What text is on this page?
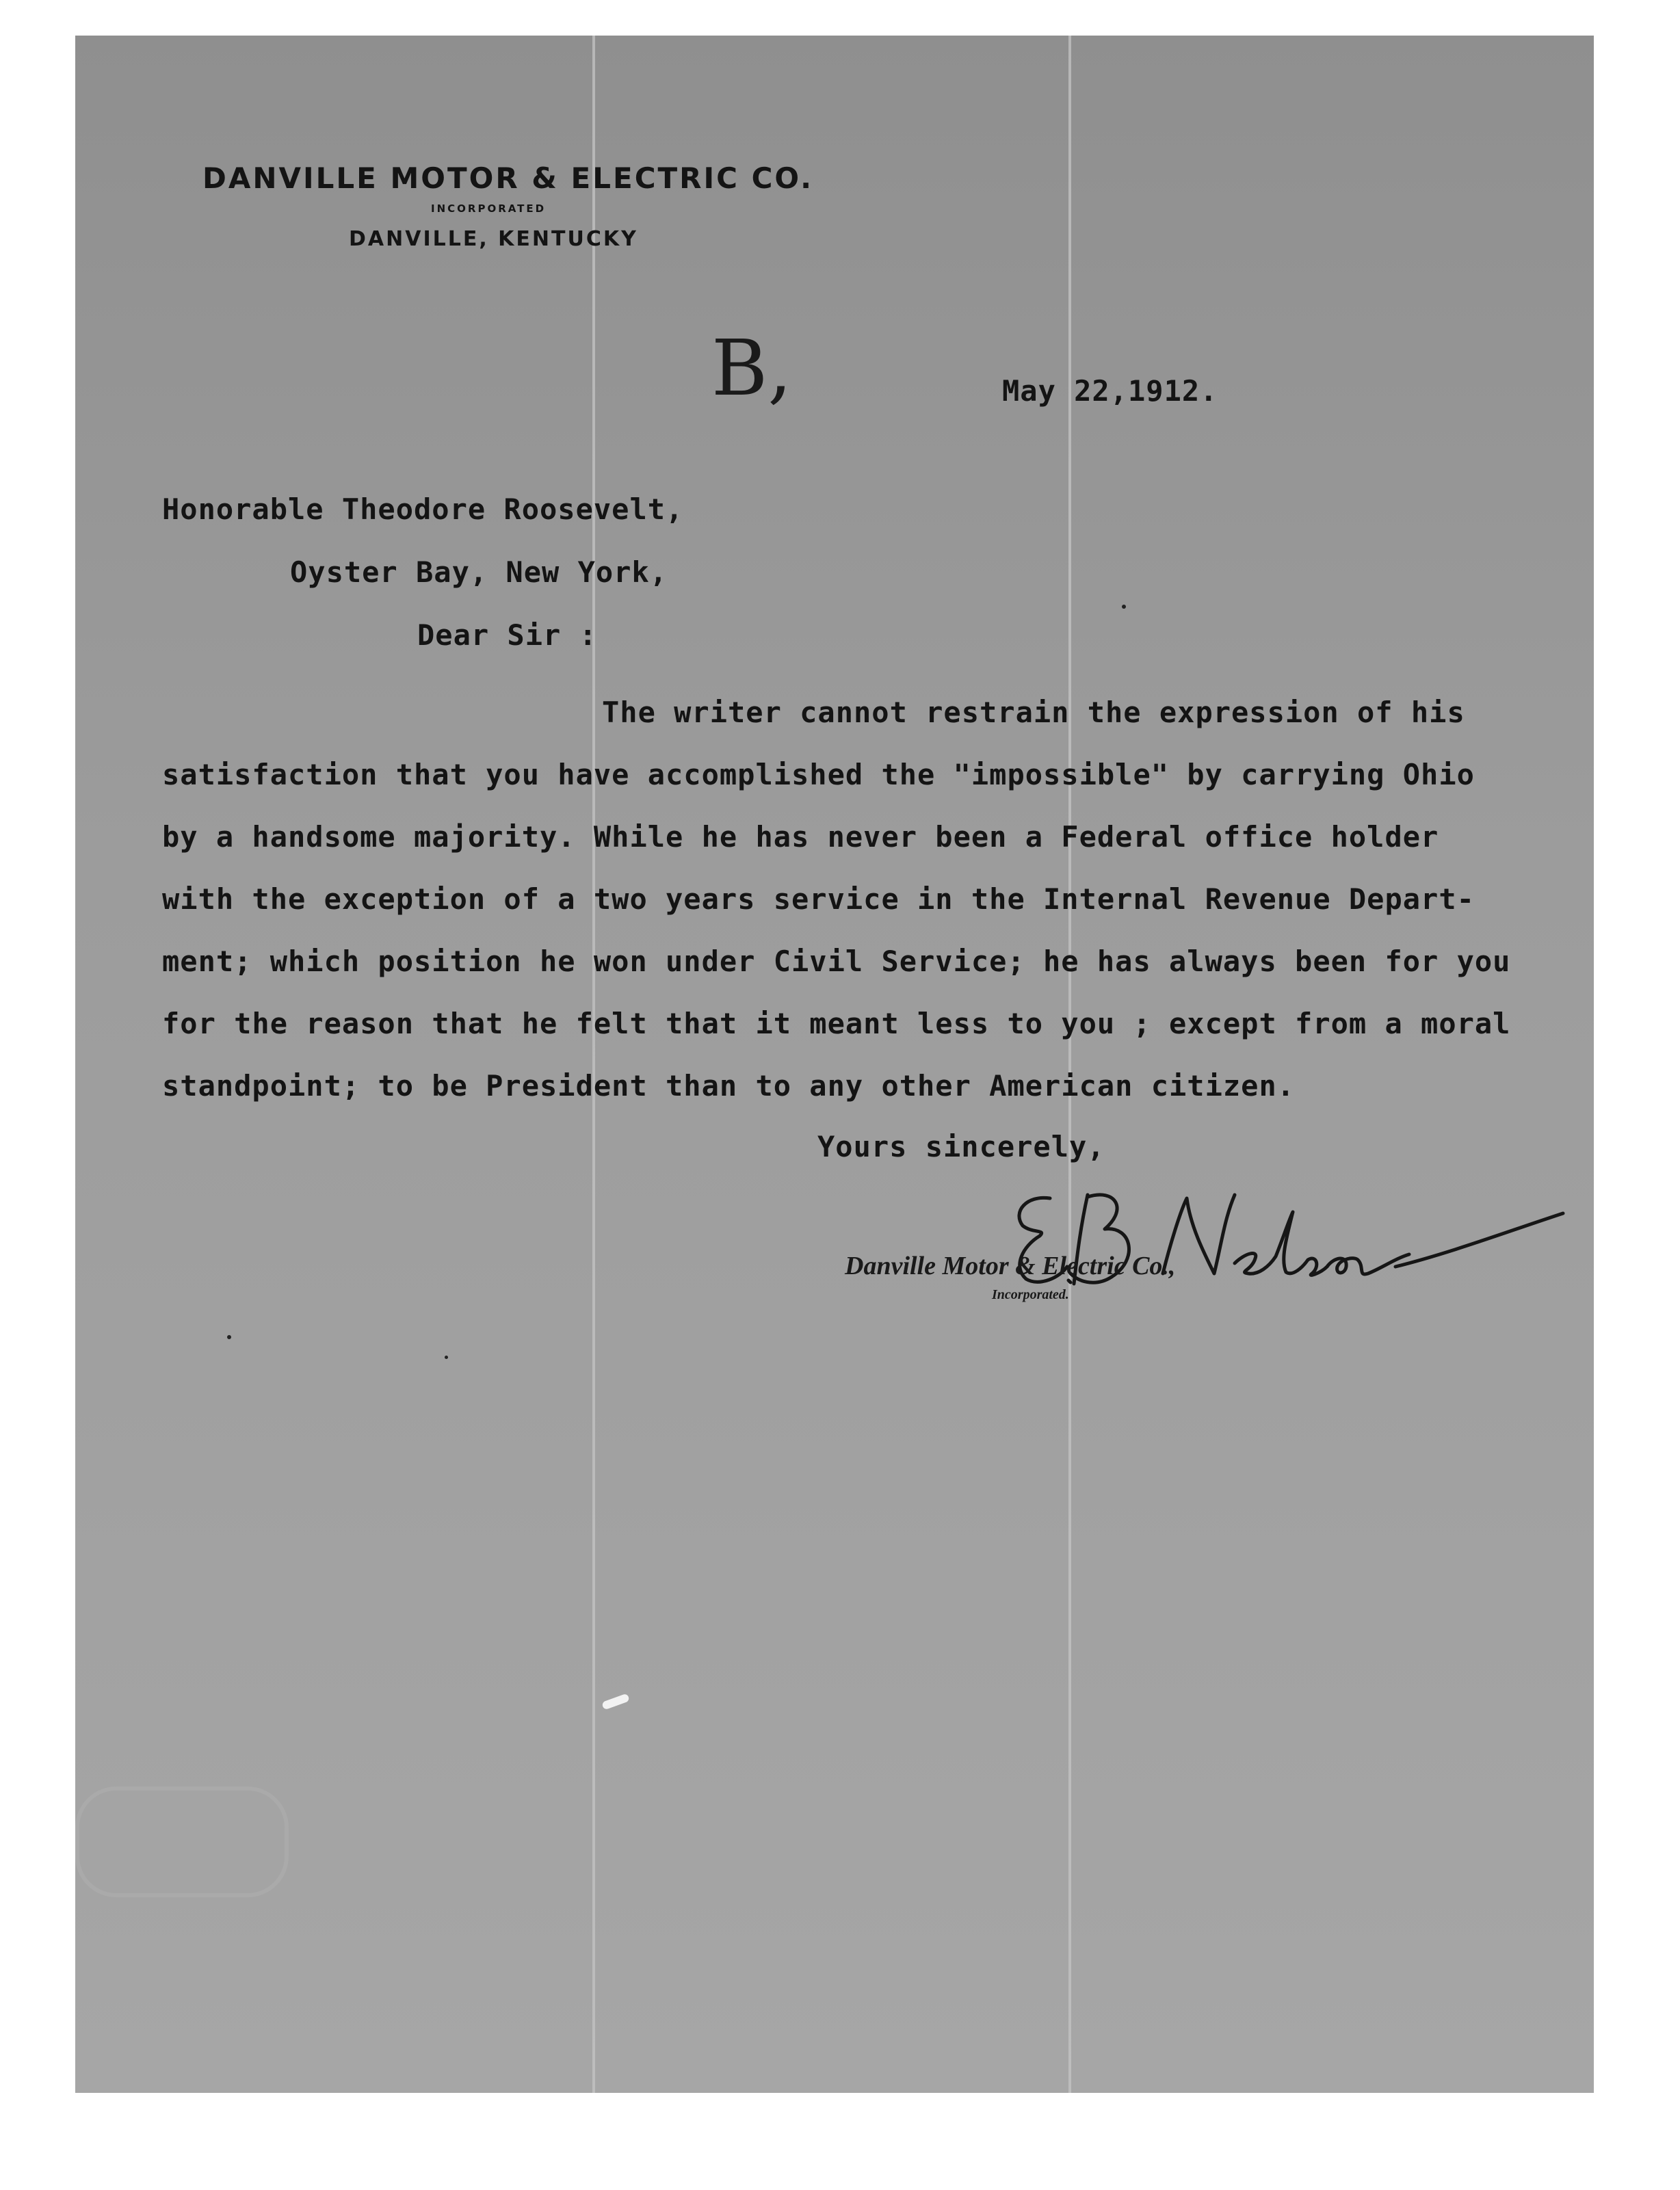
DANVILLE MOTOR & ELECTRIC CO.
INCORPORATED
DANVILLE, KENTUCKY
B,	May 22,1912.
Honorable Theodore Roosevelt,
Oyster Bay, New York,
Dear Sir :

The writer cannot restrain the expression of his

satisfaction that you have accomplished the "impossible" by carrying Ohio

by a handsome majority. While he has never been a Federal office holder

with the exception of a two years service in the Internal Revenue Depart-

ment; which position he won under Civil Service; he has always been for you

for the reason that he felt that it meant less to you ; except from a moral

standpoint; to be President than to any other American citizen.

Yours sincerely,
Danville Motor & Electric Co.,
Incorporated.
